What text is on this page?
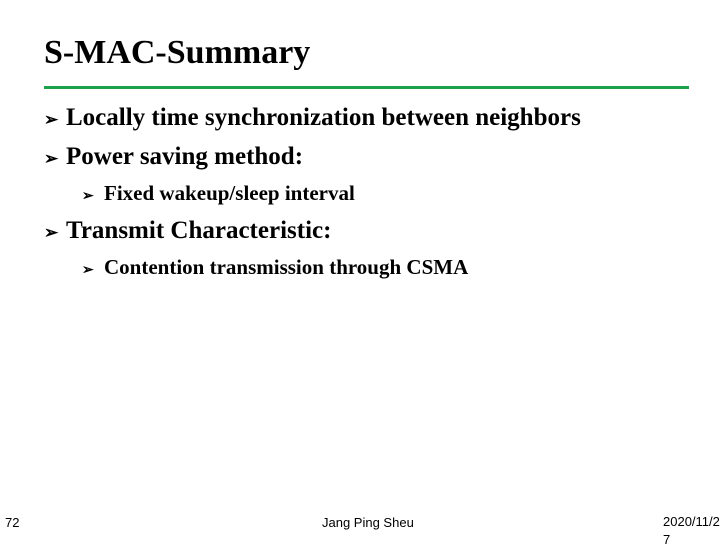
S-MAC-Summary
➢ Locally time synchronization between neighbors
➢ Power saving method:
➢ Fixed wakeup/sleep interval
➢ Transmit Characteristic:
➢ Contention transmission through CSMA
72	Jang Ping Sheu	2020/11/27
